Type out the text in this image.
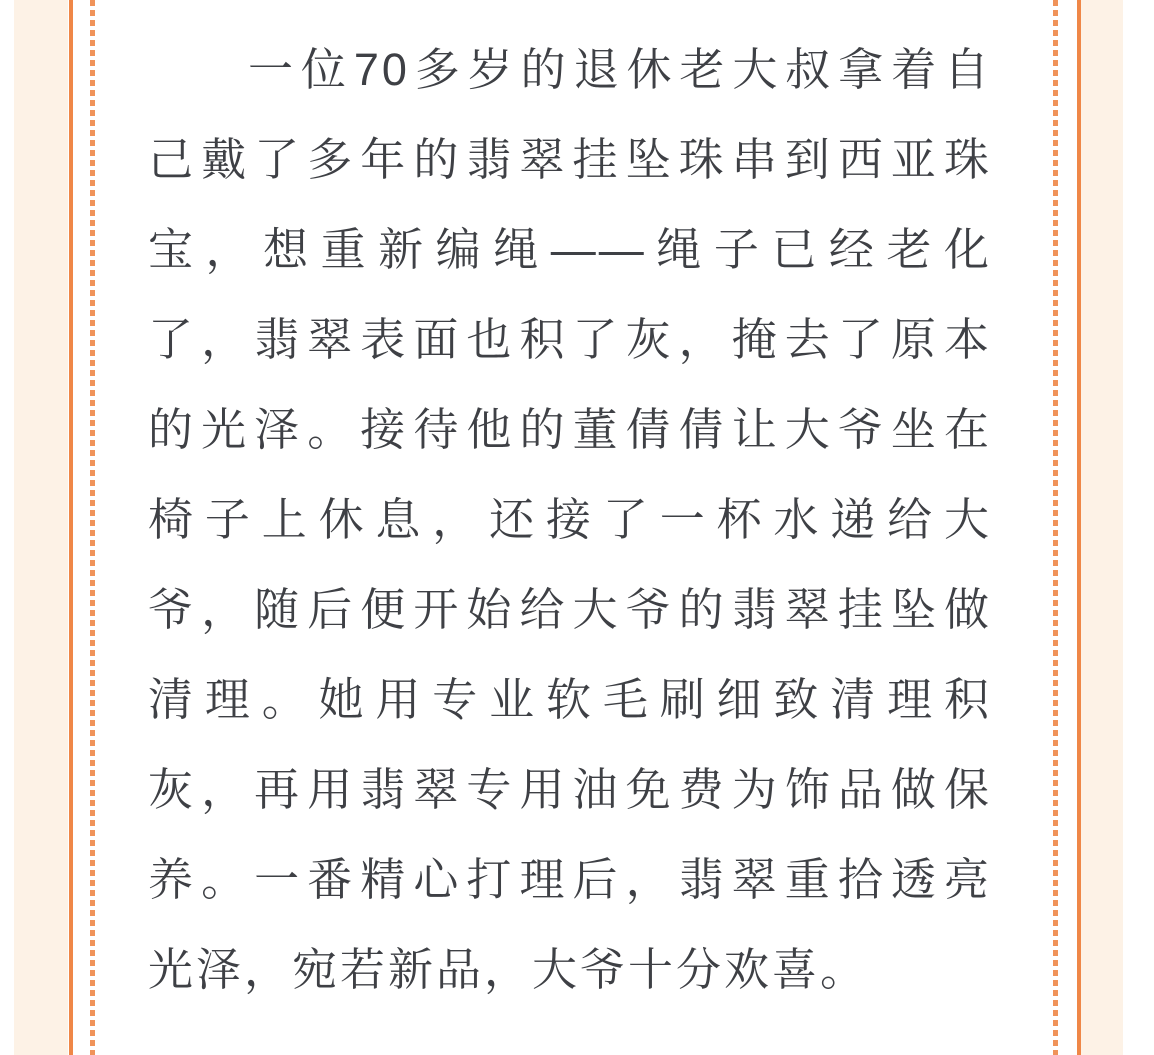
一位70多岁的退休老大叔拿着自
己戴了多年的翡翠挂坠珠串到西亚珠
宝，想重新编绳——绳子已经老化
了，翡翠表面也积了灰，掩去了原本
的光泽。接待他的董倩倩让大爷坐在
椅子上休息，还接了一杯水递给大
爷，随后便开始给大爷的翡翠挂坠做
清理。她用专业软毛刷细致清理积
灰，再用翡翠专用油免费为饰品做保
养。一番精心打理后，翡翠重拾透亮
光泽，宛若新品，大爷十分欢喜。
